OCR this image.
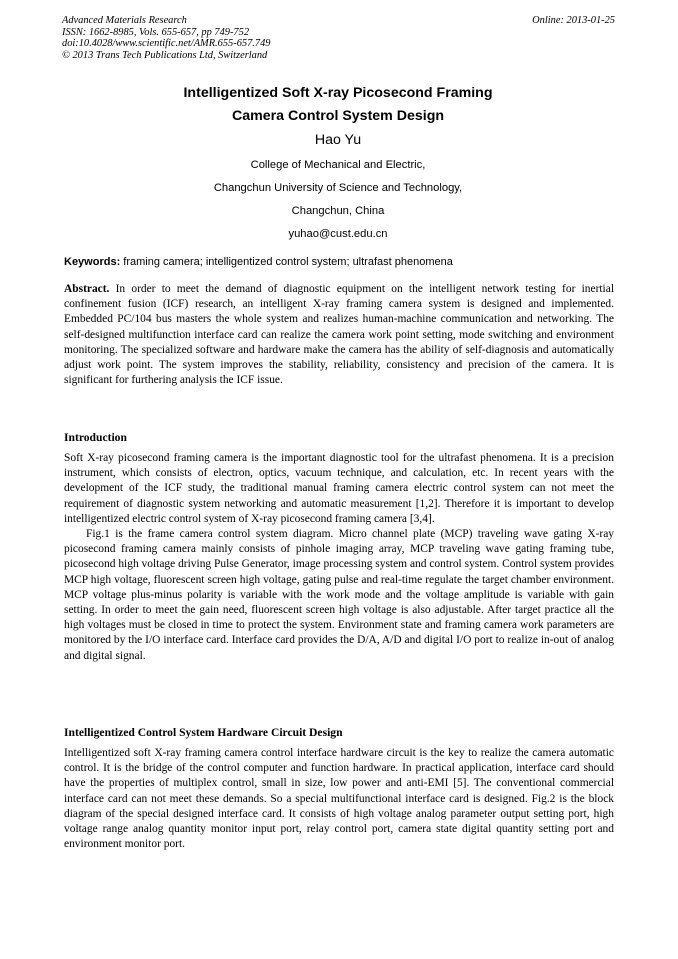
Advanced Materials Research
ISSN: 1662-8985, Vols. 655-657, pp 749-752
doi:10.4028/www.scientific.net/AMR.655-657.749
© 2013 Trans Tech Publications Ltd, Switzerland
Online: 2013-01-25
Intelligentized Soft X-ray Picosecond Framing
Camera Control System Design
Hao Yu
College of Mechanical and Electric,
Changchun University of Science and Technology,
Changchun, China
yuhao@cust.edu.cn
Keywords: framing camera; intelligentized control system; ultrafast phenomena

Abstract. In order to meet the demand of diagnostic equipment on the intelligent network testing for inertial confinement fusion (ICF) research, an intelligent X-ray framing camera system is designed and implemented. Embedded PC/104 bus masters the whole system and realizes human-machine communication and networking. The self-designed multifunction interface card can realize the camera work point setting, mode switching and environment monitoring. The specialized software and hardware make the camera has the ability of self-diagnosis and automatically adjust work point. The system improves the stability, reliability, consistency and precision of the camera. It is significant for furthering analysis the ICF issue.

Introduction

Soft X-ray picosecond framing camera is the important diagnostic tool for the ultrafast phenomena. It is a precision instrument, which consists of electron, optics, vacuum technique, and calculation, etc. In recent years with the development of the ICF study, the traditional manual framing camera electric control system can not meet the requirement of diagnostic system networking and automatic measurement [1,2]. Therefore it is important to develop intelligentized electric control system of X-ray picosecond framing camera [3,4].

Fig.1 is the frame camera control system diagram. Micro channel plate (MCP) traveling wave gating X-ray picosecond framing camera mainly consists of pinhole imaging array, MCP traveling wave gating framing tube, picosecond high voltage driving Pulse Generator, image processing system and control system. Control system provides MCP high voltage, fluorescent screen high voltage, gating pulse and real-time regulate the target chamber environment. MCP voltage plus-minus polarity is variable with the work mode and the voltage amplitude is variable with gain setting. In order to meet the gain need, fluorescent screen high voltage is also adjustable. After target practice all the high voltages must be closed in time to protect the system. Environment state and framing camera work parameters are monitored by the I/O interface card. Interface card provides the D/A, A/D and digital I/O port to realize in-out of analog and digital signal.

Intelligentized Control System Hardware Circuit Design

Intelligentized soft X-ray framing camera control interface hardware circuit is the key to realize the camera automatic control. It is the bridge of the control computer and function hardware. In practical application, interface card should have the properties of multiplex control, small in size, low power and anti-EMI [5]. The conventional commercial interface card can not meet these demands. So a special multifunctional interface card is designed. Fig.2 is the block diagram of the special designed interface card. It consists of high voltage analog parameter output setting port, high voltage range analog quantity monitor input port, relay control port, camera state digital quantity setting port and environment monitor port.
